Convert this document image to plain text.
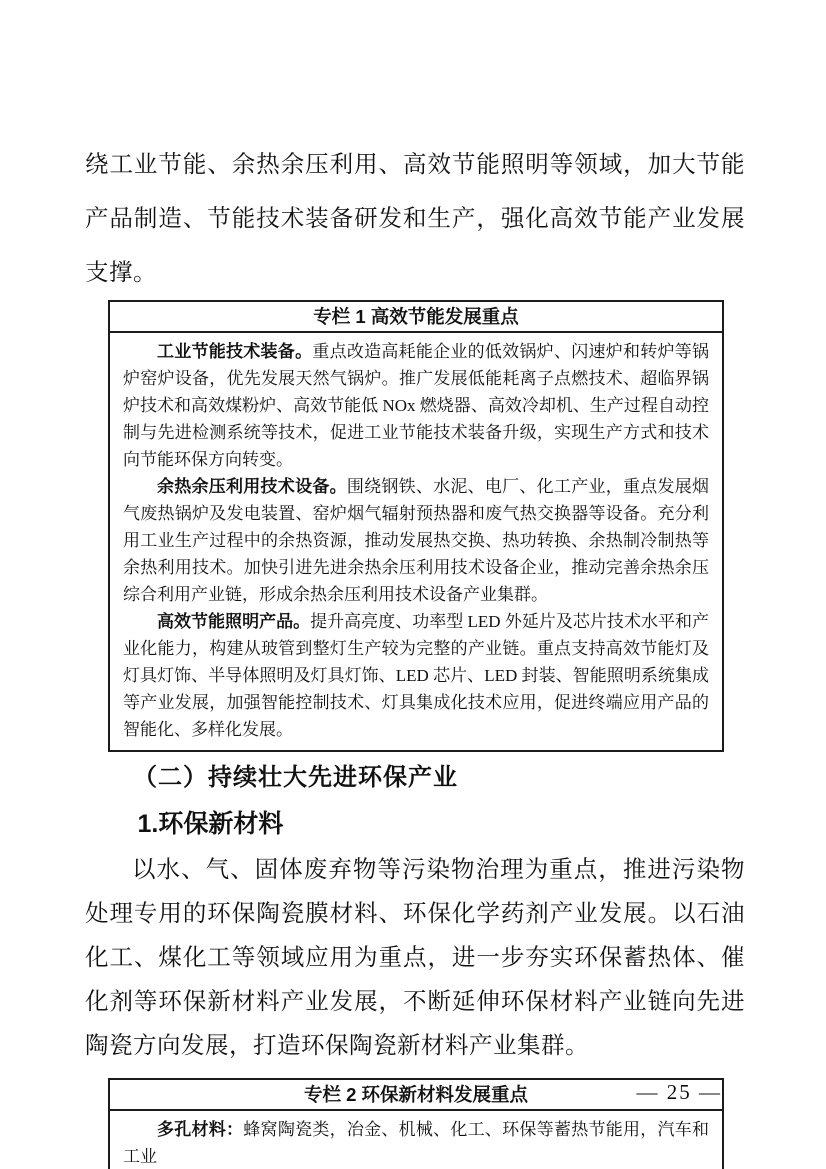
绕工业节能、余热余压利用、高效节能照明等领域，加大节能产品制造、节能技术装备研发和生产，强化高效节能产业发展支撑。

专栏 1 高效节能发展重点

工业节能技术装备。重点改造高耗能企业的低效锅炉、闪速炉和转炉等锅炉窑炉设备，优先发展天然气锅炉。推广发展低能耗离子点燃技术、超临界锅炉技术和高效煤粉炉、高效节能低 NOx 燃烧器、高效冷却机、生产过程自动控制与先进检测系统等技术，促进工业节能技术装备升级，实现生产方式和技术向节能环保方向转变。

余热余压利用技术设备。围绕钢铁、水泥、电厂、化工产业，重点发展烟气废热锅炉及发电装置、窑炉烟气辐射预热器和废气热交换器等设备。充分利用工业生产过程中的余热资源，推动发展热交换、热功转换、余热制冷制热等余热利用技术。加快引进先进余热余压利用技术设备企业，推动完善余热余压综合利用产业链，形成余热余压利用技术设备产业集群。

高效节能照明产品。提升高亮度、功率型 LED 外延片及芯片技术水平和产业化能力，构建从玻管到整灯生产较为完整的产业链。重点支持高效节能灯及灯具灯饰、半导体照明及灯具灯饰、LED 芯片、LED 封装、智能照明系统集成等产业发展，加强智能控制技术、灯具集成化技术应用，促进终端应用产品的智能化、多样化发展。

（二）持续壮大先进环保产业
1.环保新材料

以水、气、固体废弃物等污染物治理为重点，推进污染物处理专用的环保陶瓷膜材料、环保化学药剂产业发展。以石油化工、煤化工等领域应用为重点，进一步夯实环保蓄热体、催化剂等环保新材料产业发展，不断延伸环保材料产业链向先进陶瓷方向发展，打造环保陶瓷新材料产业集群。

专栏 2 环保新材料发展重点

多孔材料：蜂窝陶瓷类，冶金、机械、化工、环保等蓄热节能用，汽车和工业

— 25 —
